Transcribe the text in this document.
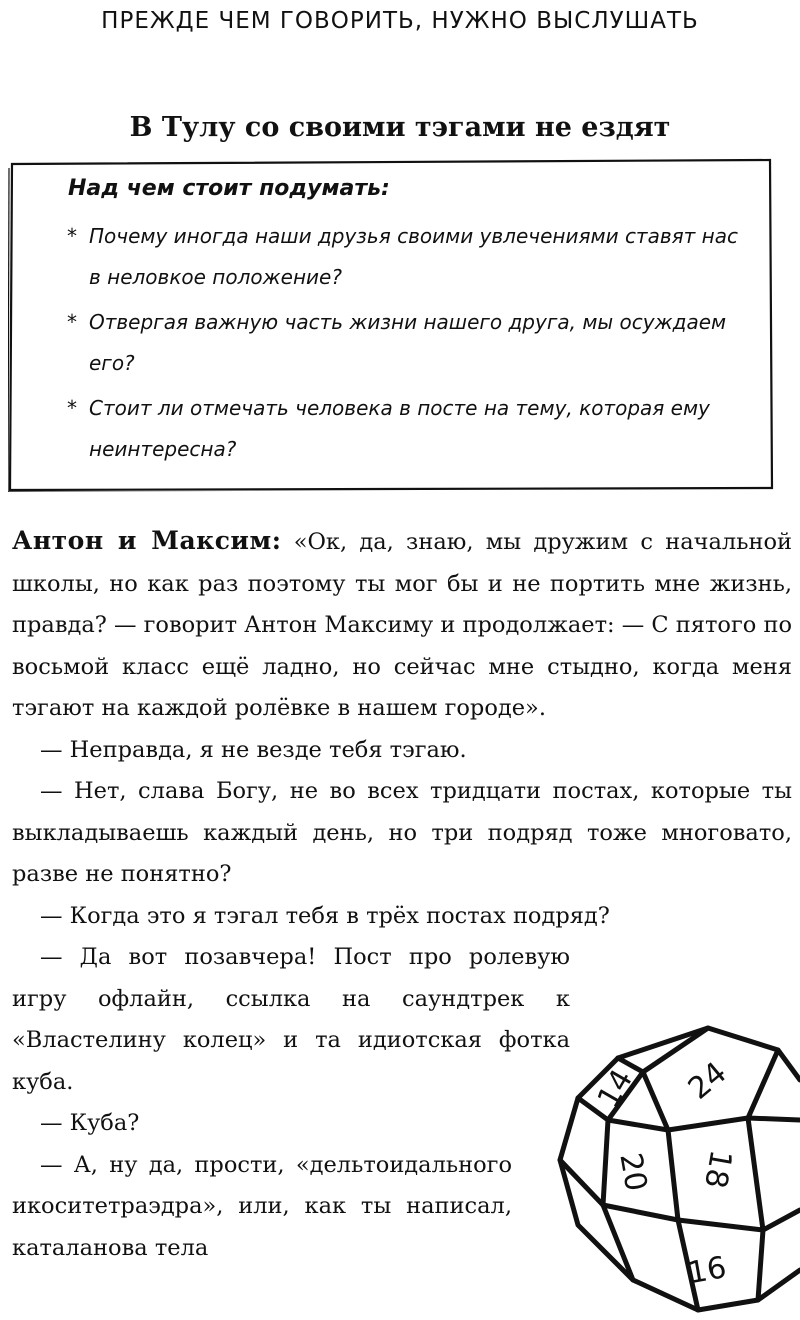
ПРЕЖДЕ ЧЕМ ГОВОРИТЬ, НУЖНО ВЫСЛУШАТЬ
В Тулу со своими тэгами не ездят
Над чем стоит подумать:
* Почему иногда наши друзья своими увлечениями ставят нас в неловкое положение?
* Отвергая важную часть жизни нашего друга, мы осуждаем его?
* Стоит ли отмечать человека в посте на тему, которая ему неинтересна?

Антон и Максим: «Ок, да, знаю, мы дружим с начальной школы, но как раз поэтому ты мог бы и не портить мне жизнь, правда? — говорит Антон Максиму и продолжает: — С пятого по восьмой класс ещё ладно, но сейчас мне стыдно, когда меня тэгают на каждой ролёвке в нашем городе».

— Неправда, я не везде тебя тэгаю.

— Нет, слава Богу, не во всех тридцати постах, которые ты выкладываешь каждый день, но три подряд тоже многовато, разве не понятно?

— Когда это я тэгал тебя в трёх постах подряд?

— Да вот позавчера! Пост про ролевую игру офлайн, ссылка на саундтрек к «Властелину колец» и та идиотская фотка куба.

— Куба?

— А, ну да, прости, «дельтоидального икоситетраэдра», или, как ты написал, каталанова тела

14 24
20 18
16
